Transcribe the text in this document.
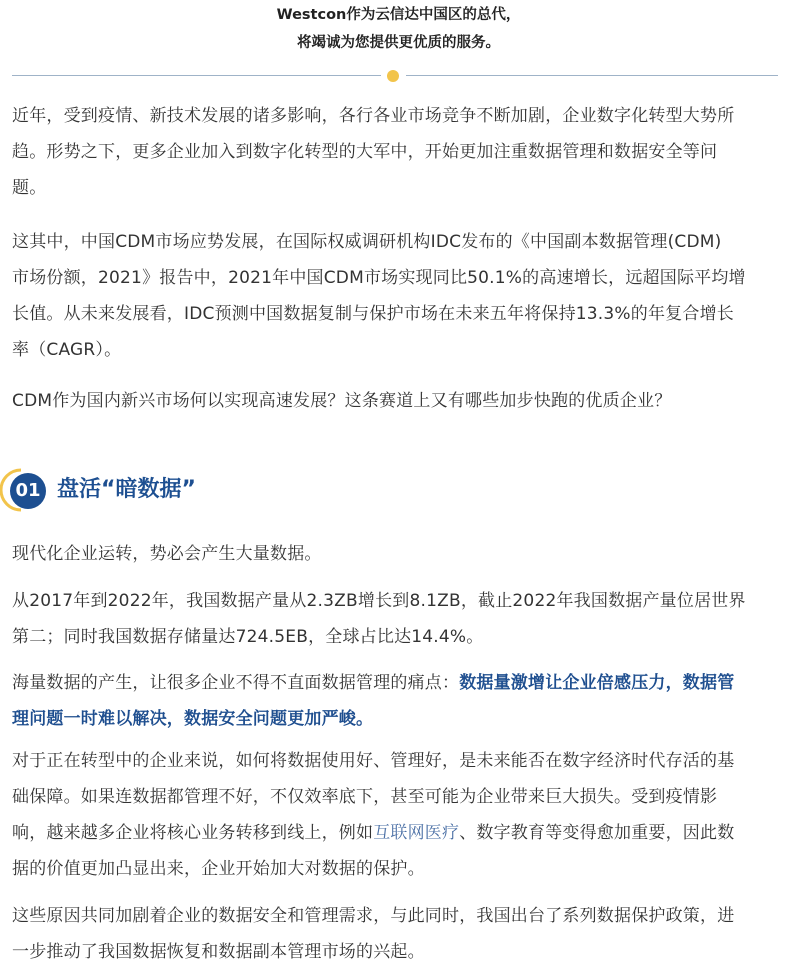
Westcon作为云信达中国区的总代，
将竭诚为您提供更优质的服务。

近年，受到疫情、新技术发展的诸多影响，各行各业市场竞争不断加剧，企业数字化转型大势所
趋。形势之下，更多企业加入到数字化转型的大军中，开始更加注重数据管理和数据安全等问
题。

这其中，中国CDM市场应势发展，在国际权威调研机构IDC发布的《中国副本数据管理(CDM)
市场份额，2021》报告中，2021年中国CDM市场实现同比50.1%的高速增长，远超国际平均增
长值。从未来发展看，IDC预测中国数据复制与保护市场在未来五年将保持13.3%的年复合增长
率（CAGR）。

CDM作为国内新兴市场何以实现高速发展？这条赛道上又有哪些加步快跑的优质企业？

01 盘活“暗数据”

现代化企业运转，势必会产生大量数据。

从2017年到2022年，我国数据产量从2.3ZB增长到8.1ZB，截止2022年我国数据产量位居世界
第二；同时我国数据存储量达724.5EB，全球占比达14.4%。

海量数据的产生，让很多企业不得不直面数据管理的痛点：数据量激增让企业倍感压力，数据管
理问题一时难以解决，数据安全问题更加严峻。

对于正在转型中的企业来说，如何将数据使用好、管理好，是未来能否在数字经济时代存活的基
础保障。如果连数据都管理不好，不仅效率底下，甚至可能为企业带来巨大损失。受到疫情影
响，越来越多企业将核心业务转移到线上，例如互联网医疗、数字教育等变得愈加重要，因此数
据的价值更加凸显出来，企业开始加大对数据的保护。

这些原因共同加剧着企业的数据安全和管理需求，与此同时，我国出台了系列数据保护政策，进
一步推动了我国数据恢复和数据副本管理市场的兴起。
